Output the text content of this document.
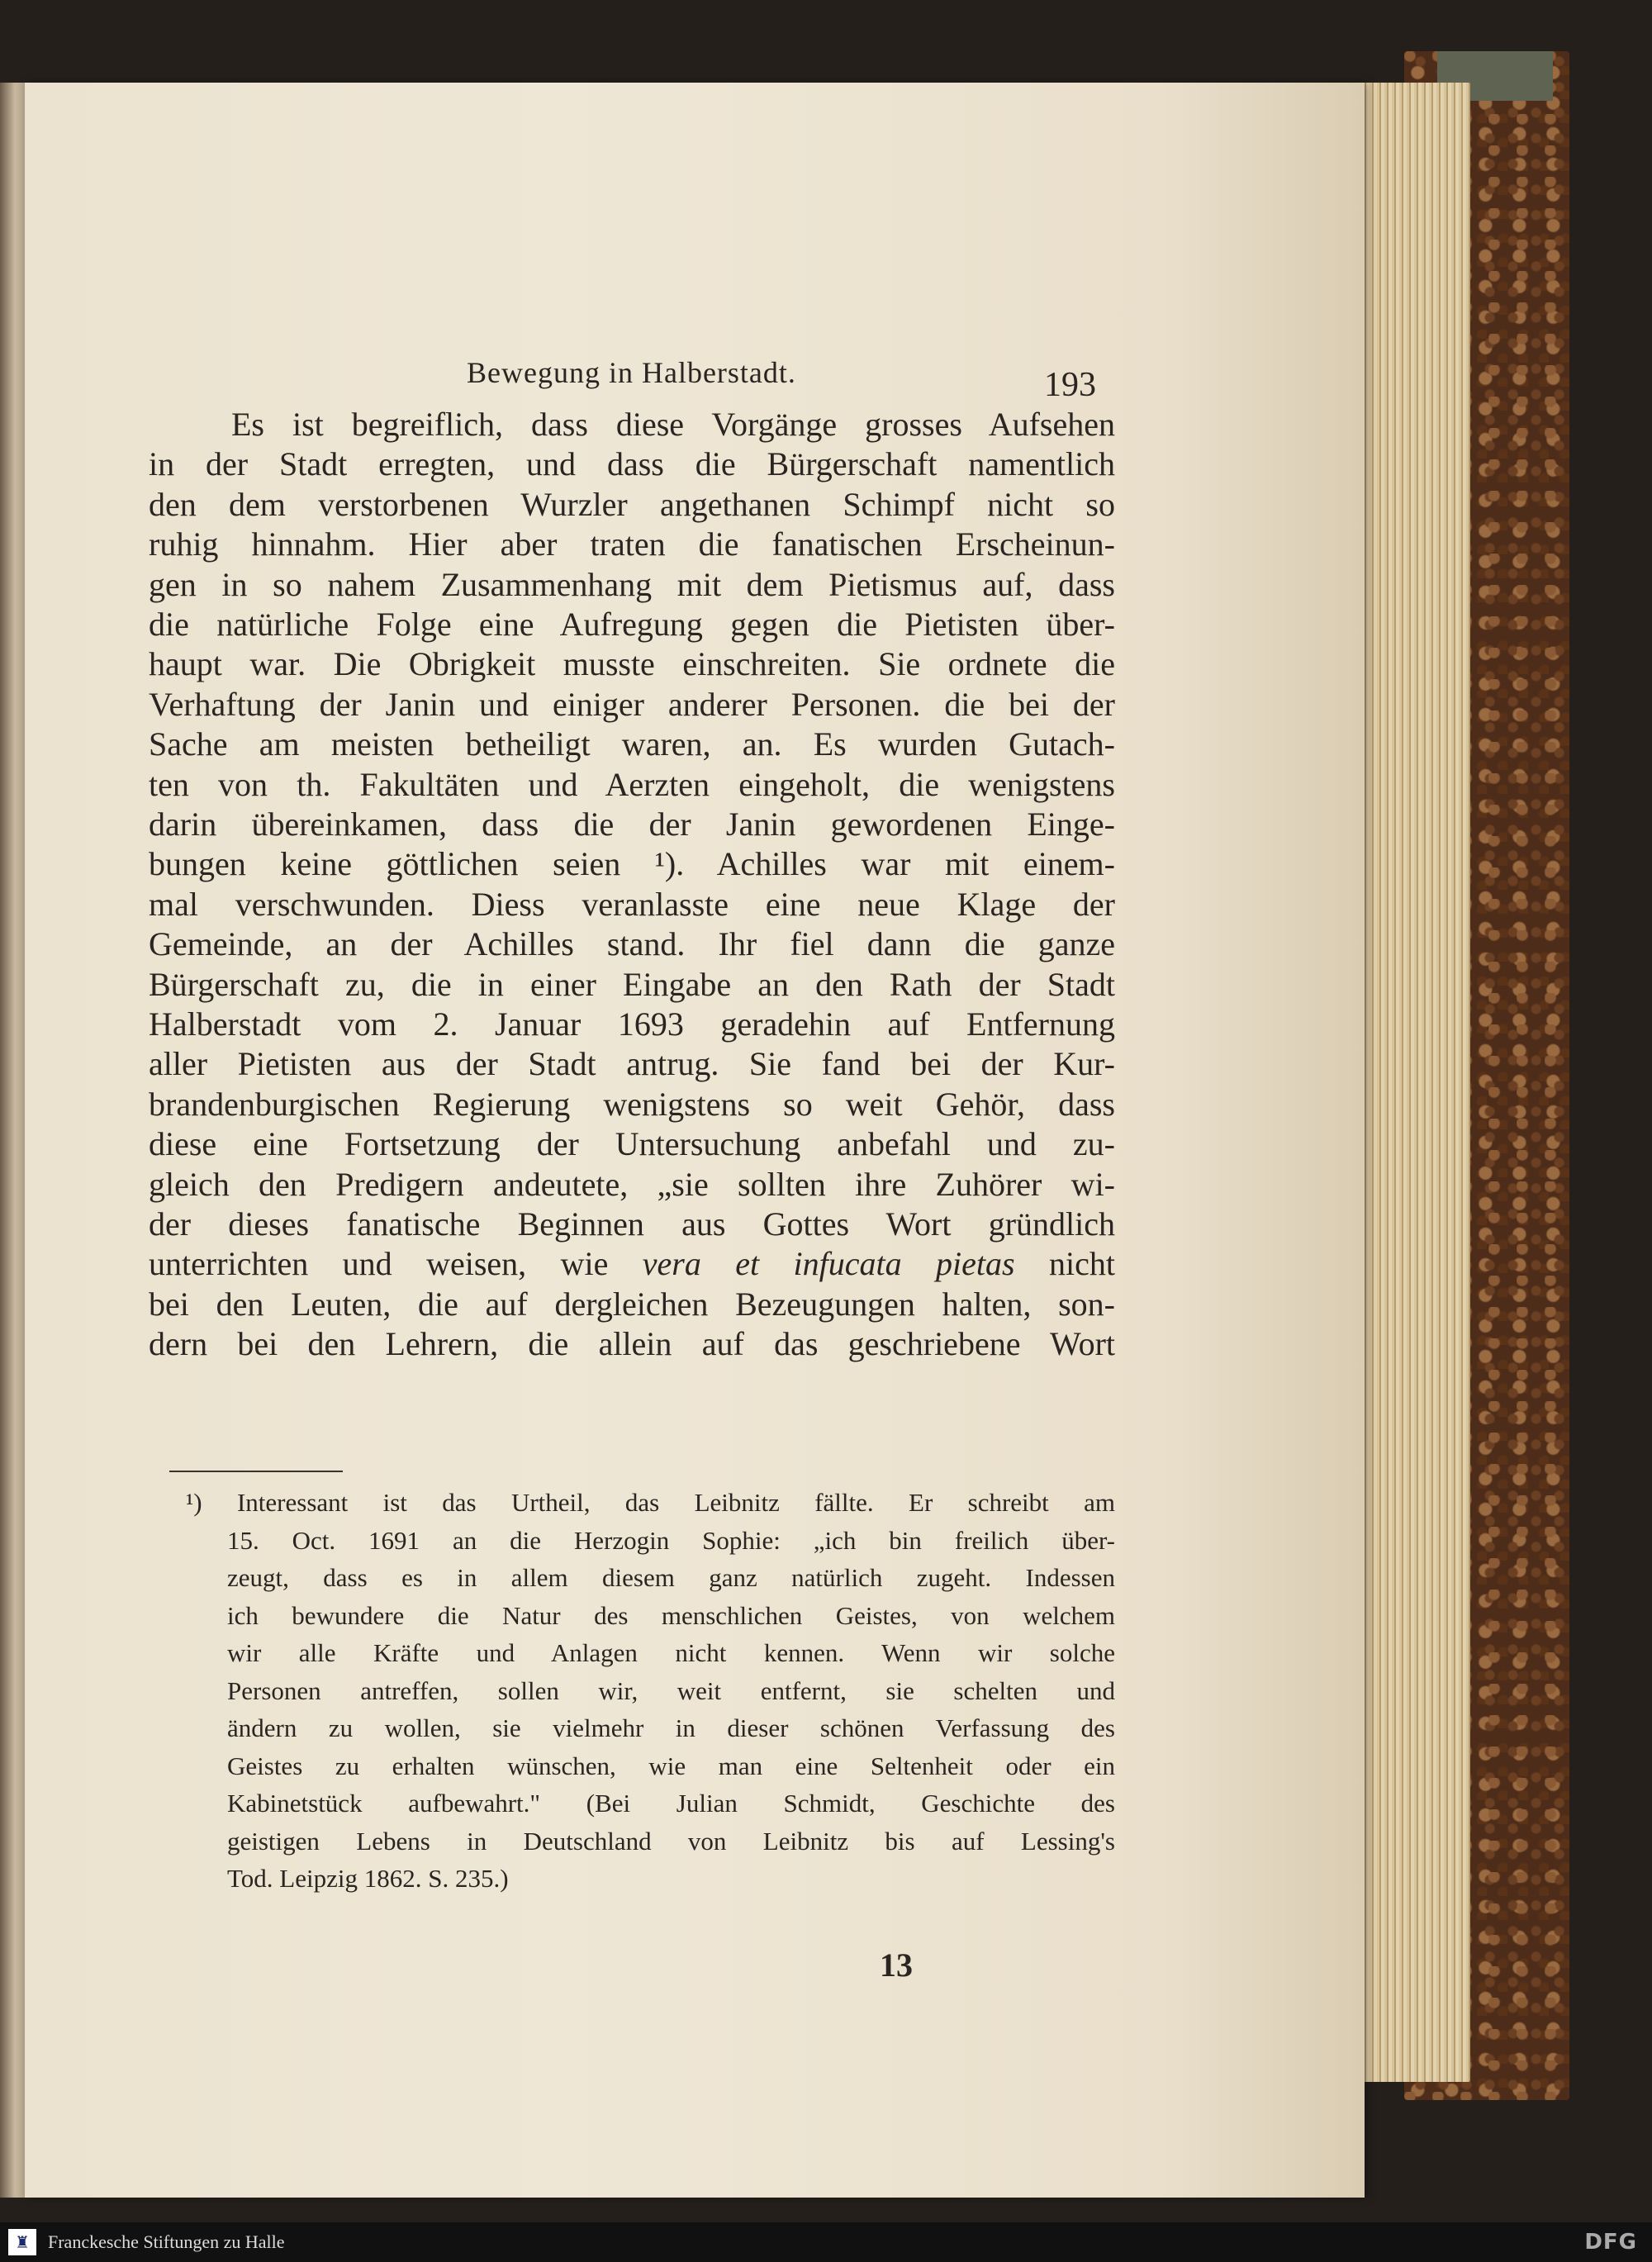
Bewegung in Halberstadt.	193
Es ist begreiflich, dass diese Vorgänge grosses Aufsehen
in der Stadt erregten, und dass die Bürgerschaft namentlich
den dem verstorbenen Wurzler angethanen Schimpf nicht so
ruhig hinnahm. Hier aber traten die fanatischen Erscheinun-
gen in so nahem Zusammenhang mit dem Pietismus auf, dass
die natürliche Folge eine Aufregung gegen die Pietisten über-
haupt war. Die Obrigkeit musste einschreiten. Sie ordnete die
Verhaftung der Janin und einiger anderer Personen. die bei der
Sache am meisten betheiligt waren, an. Es wurden Gutach-
ten von th. Fakultäten und Aerzten eingeholt, die wenigstens
darin übereinkamen, dass die der Janin gewordenen Einge-
bungen keine göttlichen seien ¹). Achilles war mit einem-
mal verschwunden. Diess veranlasste eine neue Klage der
Gemeinde, an der Achilles stand. Ihr fiel dann die ganze
Bürgerschaft zu, die in einer Eingabe an den Rath der Stadt
Halberstadt vom 2. Januar 1693 geradehin auf Entfernung
aller Pietisten aus der Stadt antrug. Sie fand bei der Kur-
brandenburgischen Regierung wenigstens so weit Gehör, dass
diese eine Fortsetzung der Untersuchung anbefahl und zu-
gleich den Predigern andeutete, „sie sollten ihre Zuhörer wi-
der dieses fanatische Beginnen aus Gottes Wort gründlich
unterrichten und weisen, wie vera et infucata pietas nicht
bei den Leuten, die auf dergleichen Bezeugungen halten, son-
dern bei den Lehrern, die allein auf das geschriebene Wort
¹) Interessant ist das Urtheil, das Leibnitz fällte. Er schreibt am
15. Oct. 1691 an die Herzogin Sophie: „ich bin freilich über-
zeugt, dass es in allem diesem ganz natürlich zugeht. Indessen
ich bewundere die Natur des menschlichen Geistes, von welchem
wir alle Kräfte und Anlagen nicht kennen. Wenn wir solche
Personen antreffen, sollen wir, weit entfernt, sie schelten und
ändern zu wollen, sie vielmehr in dieser schönen Verfassung des
Geistes zu erhalten wünschen, wie man eine Seltenheit oder ein
Kabinetstück aufbewahrt." (Bei Julian Schmidt, Geschichte des
geistigen Lebens in Deutschland von Leibnitz bis auf Lessing's
Tod. Leipzig 1862. S. 235.)
13
♜	Franckesche Stiftungen zu Halle	DFG
